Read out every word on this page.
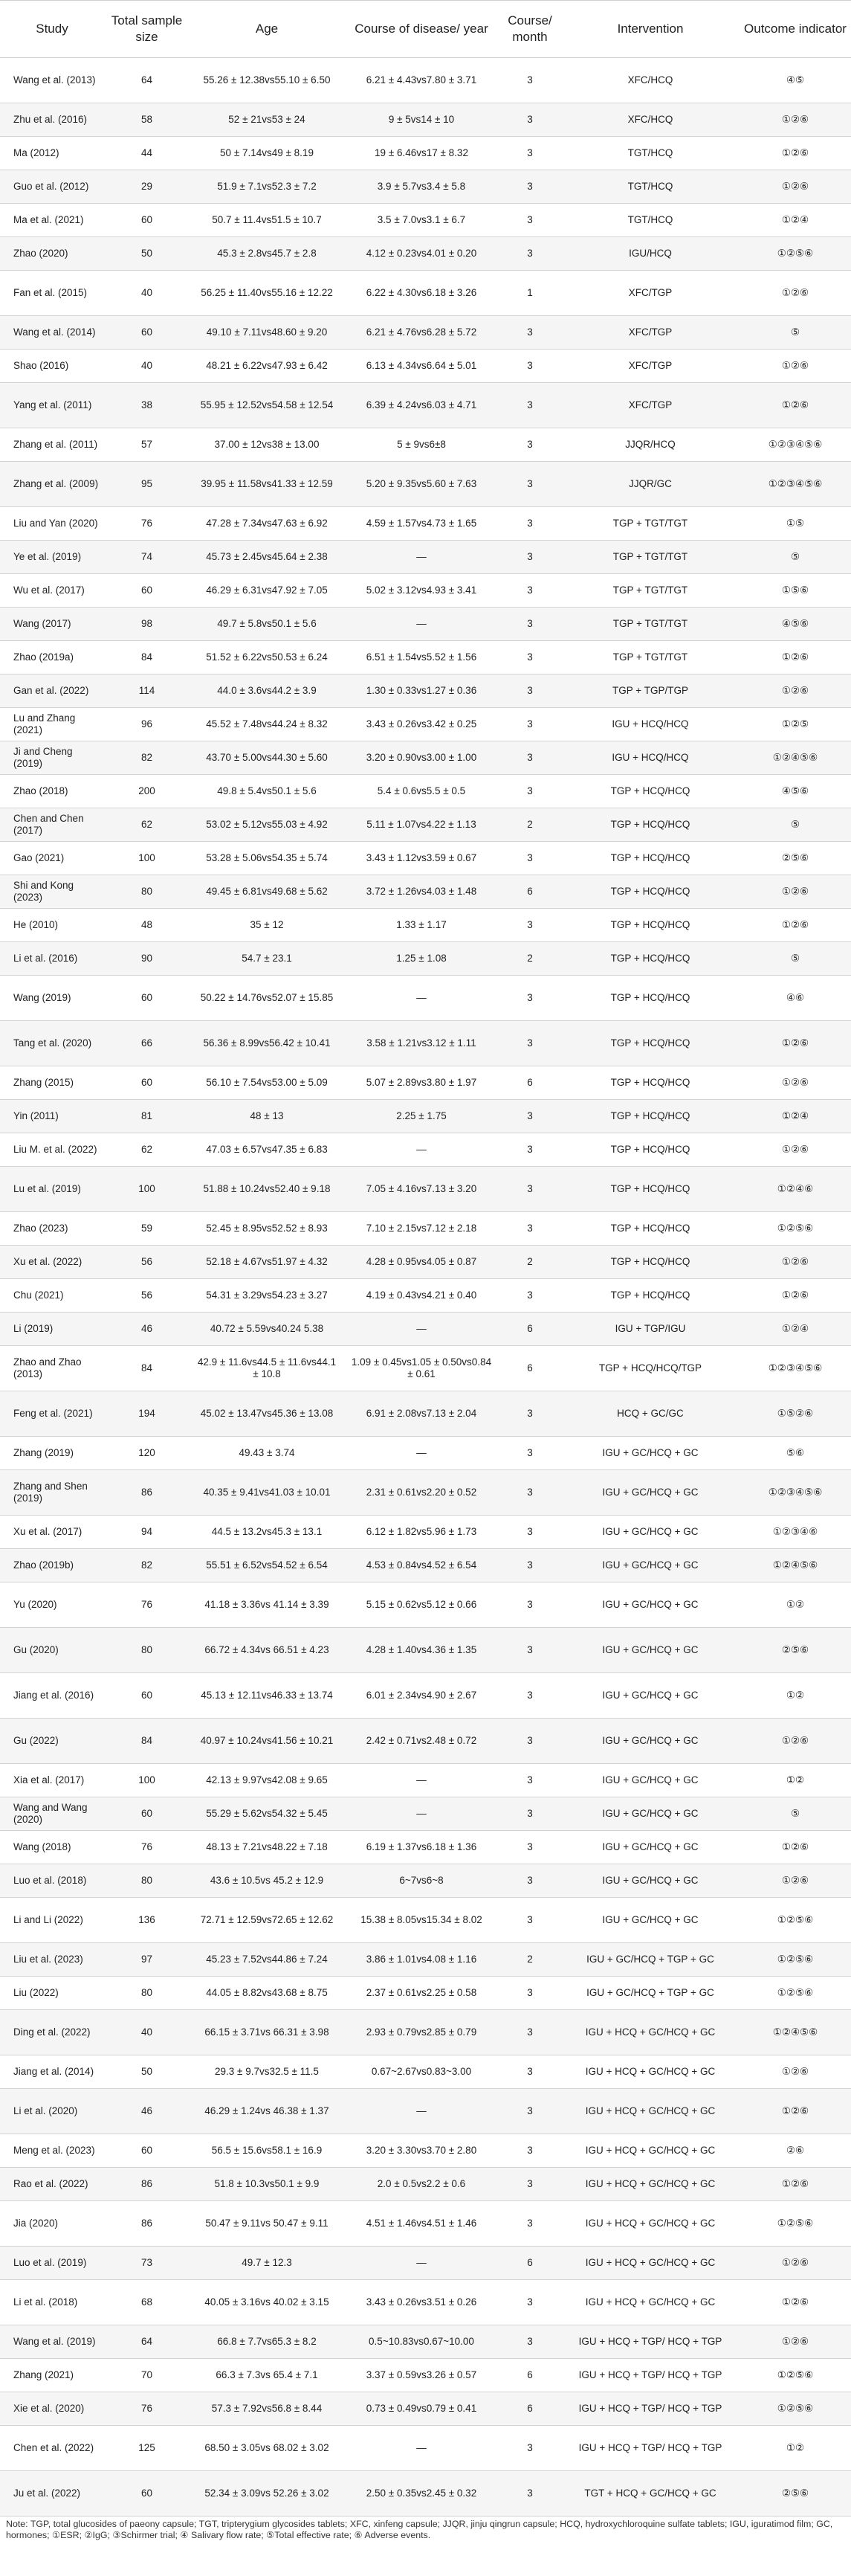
Study	Total sample size	Age	Course of disease/ year	Course/ month	Intervention	Outcome indicator
Wang et al. (2013)	64	55.26 ± 12.38vs55.10 ± 6.50	6.21 ± 4.43vs7.80 ± 3.71	3	XFC/HCQ	④⑤
Zhu et al. (2016)	58	52 ± 21vs53 ± 24	9 ± 5vs14 ± 10	3	XFC/HCQ	①②⑥
Ma (2012)	44	50 ± 7.14vs49 ± 8.19	19 ± 6.46vs17 ± 8.32	3	TGT/HCQ	①②⑥
Guo et al. (2012)	29	51.9 ± 7.1vs52.3 ± 7.2	3.9 ± 5.7vs3.4 ± 5.8	3	TGT/HCQ	①②⑥
Ma et al. (2021)	60	50.7 ± 11.4vs51.5 ± 10.7	3.5 ± 7.0vs3.1 ± 6.7	3	TGT/HCQ	①②④
Zhao (2020)	50	45.3 ± 2.8vs45.7 ± 2.8	4.12 ± 0.23vs4.01 ± 0.20	3	IGU/HCQ	①②⑤⑥
Fan et al. (2015)	40	56.25 ± 11.40vs55.16 ± 12.22	6.22 ± 4.30vs6.18 ± 3.26	1	XFC/TGP	①②⑥
Wang et al. (2014)	60	49.10 ± 7.11vs48.60 ± 9.20	6.21 ± 4.76vs6.28 ± 5.72	3	XFC/TGP	⑤
Shao (2016)	40	48.21 ± 6.22vs47.93 ± 6.42	6.13 ± 4.34vs6.64 ± 5.01	3	XFC/TGP	①②⑥
Yang et al. (2011)	38	55.95 ± 12.52vs54.58 ± 12.54	6.39 ± 4.24vs6.03 ± 4.71	3	XFC/TGP	①②⑥
Zhang et al. (2011)	57	37.00 ± 12vs38 ± 13.00	5 ± 9vs6±8	3	JJQR/HCQ	①②③④⑤⑥
Zhang et al. (2009)	95	39.95 ± 11.58vs41.33 ± 12.59	5.20 ± 9.35vs5.60 ± 7.63	3	JJQR/GC	①②③④⑤⑥
Liu and Yan (2020)	76	47.28 ± 7.34vs47.63 ± 6.92	4.59 ± 1.57vs4.73 ± 1.65	3	TGP + TGT/TGT	①⑤
Ye et al. (2019)	74	45.73 ± 2.45vs45.64 ± 2.38	—	3	TGP + TGT/TGT	⑤
Wu et al. (2017)	60	46.29 ± 6.31vs47.92 ± 7.05	5.02 ± 3.12vs4.93 ± 3.41	3	TGP + TGT/TGT	①⑤⑥
Wang (2017)	98	49.7 ± 5.8vs50.1 ± 5.6	—	3	TGP + TGT/TGT	④⑤⑥
Zhao (2019a)	84	51.52 ± 6.22vs50.53 ± 6.24	6.51 ± 1.54vs5.52 ± 1.56	3	TGP + TGT/TGT	①②⑥
Gan et al. (2022)	114	44.0 ± 3.6vs44.2 ± 3.9	1.30 ± 0.33vs1.27 ± 0.36	3	TGP + TGP/TGP	①②⑥
Lu and Zhang (2021)	96	45.52 ± 7.48vs44.24 ± 8.32	3.43 ± 0.26vs3.42 ± 0.25	3	IGU + HCQ/HCQ	①②⑤
Ji and Cheng (2019)	82	43.70 ± 5.00vs44.30 ± 5.60	3.20 ± 0.90vs3.00 ± 1.00	3	IGU + HCQ/HCQ	①②④⑤⑥
Zhao (2018)	200	49.8 ± 5.4vs50.1 ± 5.6	5.4 ± 0.6vs5.5 ± 0.5	3	TGP + HCQ/HCQ	④⑤⑥
Chen and Chen (2017)	62	53.02 ± 5.12vs55.03 ± 4.92	5.11 ± 1.07vs4.22 ± 1.13	2	TGP + HCQ/HCQ	⑤
Gao (2021)	100	53.28 ± 5.06vs54.35 ± 5.74	3.43 ± 1.12vs3.59 ± 0.67	3	TGP + HCQ/HCQ	②⑤⑥
Shi and Kong (2023)	80	49.45 ± 6.81vs49.68 ± 5.62	3.72 ± 1.26vs4.03 ± 1.48	6	TGP + HCQ/HCQ	①②⑥
He (2010)	48	35 ± 12	1.33 ± 1.17	3	TGP + HCQ/HCQ	①②⑥
Li et al. (2016)	90	54.7 ± 23.1	1.25 ± 1.08	2	TGP + HCQ/HCQ	⑤
Wang (2019)	60	50.22 ± 14.76vs52.07 ± 15.85	—	3	TGP + HCQ/HCQ	④⑥
Tang et al. (2020)	66	56.36 ± 8.99vs56.42 ± 10.41	3.58 ± 1.21vs3.12 ± 1.11	3	TGP + HCQ/HCQ	①②⑥
Zhang (2015)	60	56.10 ± 7.54vs53.00 ± 5.09	5.07 ± 2.89vs3.80 ± 1.97	6	TGP + HCQ/HCQ	①②⑥
Yin (2011)	81	48 ± 13	2.25 ± 1.75	3	TGP + HCQ/HCQ	①②④
Liu M. et al. (2022)	62	47.03 ± 6.57vs47.35 ± 6.83	—	3	TGP + HCQ/HCQ	①②⑥
Lu et al. (2019)	100	51.88 ± 10.24vs52.40 ± 9.18	7.05 ± 4.16vs7.13 ± 3.20	3	TGP + HCQ/HCQ	①②④⑥
Zhao (2023)	59	52.45 ± 8.95vs52.52 ± 8.93	7.10 ± 2.15vs7.12 ± 2.18	3	TGP + HCQ/HCQ	①②⑤⑥
Xu et al. (2022)	56	52.18 ± 4.67vs51.97 ± 4.32	4.28 ± 0.95vs4.05 ± 0.87	2	TGP + HCQ/HCQ	①②⑥
Chu (2021)	56	54.31 ± 3.29vs54.23 ± 3.27	4.19 ± 0.43vs4.21 ± 0.40	3	TGP + HCQ/HCQ	①②⑥
Li (2019)	46	40.72 ± 5.59vs40.24 5.38	—	6	IGU + TGP/IGU	①②④
Zhao and Zhao (2013)	84	42.9 ± 11.6vs44.5 ± 11.6vs44.1 ± 10.8	1.09 ± 0.45vs1.05 ± 0.50vs0.84 ± 0.61	6	TGP + HCQ/HCQ/TGP	①②③④⑤⑥
Feng et al. (2021)	194	45.02 ± 13.47vs45.36 ± 13.08	6.91 ± 2.08vs7.13 ± 2.04	3	HCQ + GC/GC	①⑤②⑥
Zhang (2019)	120	49.43 ± 3.74	—	3	IGU + GC/HCQ + GC	⑤⑥
Zhang and Shen (2019)	86	40.35 ± 9.41vs41.03 ± 10.01	2.31 ± 0.61vs2.20 ± 0.52	3	IGU + GC/HCQ + GC	①②③④⑤⑥
Xu et al. (2017)	94	44.5 ± 13.2vs45.3 ± 13.1	6.12 ± 1.82vs5.96 ± 1.73	3	IGU + GC/HCQ + GC	①②③④⑥
Zhao (2019b)	82	55.51 ± 6.52vs54.52 ± 6.54	4.53 ± 0.84vs4.52 ± 6.54	3	IGU + GC/HCQ + GC	①②④⑤⑥
Yu (2020)	76	41.18 ± 3.36vs 41.14 ± 3.39	5.15 ± 0.62vs5.12 ± 0.66	3	IGU + GC/HCQ + GC	①②
Gu (2020)	80	66.72 ± 4.34vs 66.51 ± 4.23	4.28 ± 1.40vs4.36 ± 1.35	3	IGU + GC/HCQ + GC	②⑤⑥
Jiang et al. (2016)	60	45.13 ± 12.11vs46.33 ± 13.74	6.01 ± 2.34vs4.90 ± 2.67	3	IGU + GC/HCQ + GC	①②
Gu (2022)	84	40.97 ± 10.24vs41.56 ± 10.21	2.42 ± 0.71vs2.48 ± 0.72	3	IGU + GC/HCQ + GC	①②⑥
Xia et al. (2017)	100	42.13 ± 9.97vs42.08 ± 9.65	—	3	IGU + GC/HCQ + GC	①②
Wang and Wang (2020)	60	55.29 ± 5.62vs54.32 ± 5.45	—	3	IGU + GC/HCQ + GC	⑤
Wang (2018)	76	48.13 ± 7.21vs48.22 ± 7.18	6.19 ± 1.37vs6.18 ± 1.36	3	IGU + GC/HCQ + GC	①②⑥
Luo et al. (2018)	80	43.6 ± 10.5vs 45.2 ± 12.9	6~7vs6~8	3	IGU + GC/HCQ + GC	①②⑥
Li and Li (2022)	136	72.71 ± 12.59vs72.65 ± 12.62	15.38 ± 8.05vs15.34 ± 8.02	3	IGU + GC/HCQ + GC	①②⑤⑥
Liu et al. (2023)	97	45.23 ± 7.52vs44.86 ± 7.24	3.86 ± 1.01vs4.08 ± 1.16	2	IGU + GC/HCQ + TGP + GC	①②⑤⑥
Liu (2022)	80	44.05 ± 8.82vs43.68 ± 8.75	2.37 ± 0.61vs2.25 ± 0.58	3	IGU + GC/HCQ + TGP + GC	①②⑤⑥
Ding et al. (2022)	40	66.15 ± 3.71vs 66.31 ± 3.98	2.93 ± 0.79vs2.85 ± 0.79	3	IGU + HCQ + GC/HCQ + GC	①②④⑤⑥
Jiang et al. (2014)	50	29.3 ± 9.7vs32.5 ± 11.5	0.67~2.67vs0.83~3.00	3	IGU + HCQ + GC/HCQ + GC	①②⑥
Li et al. (2020)	46	46.29 ± 1.24vs 46.38 ± 1.37	—	3	IGU + HCQ + GC/HCQ + GC	①②⑥
Meng et al. (2023)	60	56.5 ± 15.6vs58.1 ± 16.9	3.20 ± 3.30vs3.70 ± 2.80	3	IGU + HCQ + GC/HCQ + GC	②⑥
Rao et al. (2022)	86	51.8 ± 10.3vs50.1 ± 9.9	2.0 ± 0.5vs2.2 ± 0.6	3	IGU + HCQ + GC/HCQ + GC	①②⑥
Jia (2020)	86	50.47 ± 9.11vs 50.47 ± 9.11	4.51 ± 1.46vs4.51 ± 1.46	3	IGU + HCQ + GC/HCQ + GC	①②⑤⑥
Luo et al. (2019)	73	49.7 ± 12.3	—	6	IGU + HCQ + GC/HCQ + GC	①②⑥
Li et al. (2018)	68	40.05 ± 3.16vs 40.02 ± 3.15	3.43 ± 0.26vs3.51 ± 0.26	3	IGU + HCQ + GC/HCQ + GC	①②⑥
Wang et al. (2019)	64	66.8 ± 7.7vs65.3 ± 8.2	0.5~10.83vs0.67~10.00	3	IGU + HCQ + TGP/ HCQ + TGP	①②⑥
Zhang (2021)	70	66.3 ± 7.3vs 65.4 ± 7.1	3.37 ± 0.59vs3.26 ± 0.57	6	IGU + HCQ + TGP/ HCQ + TGP	①②⑤⑥
Xie et al. (2020)	76	57.3 ± 7.92vs56.8 ± 8.44	0.73 ± 0.49vs0.79 ± 0.41	6	IGU + HCQ + TGP/ HCQ + TGP	①②⑤⑥
Chen et al. (2022)	125	68.50 ± 3.05vs 68.02 ± 3.02	—	3	IGU + HCQ + TGP/ HCQ + TGP	①②
Ju et al. (2022)	60	52.34 ± 3.09vs 52.26 ± 3.02	2.50 ± 0.35vs2.45 ± 0.32	3	TGT + HCQ + GC/HCQ + GC	②⑤⑥

Note: TGP, total glucosides of paeony capsule; TGT, tripterygium glycosides tablets; XFC, xinfeng capsule; JJQR, jinju qingrun capsule; HCQ, hydroxychloroquine sulfate tablets; IGU, iguratimod film; GC, hormones; ①ESR; ②IgG; ③Schirmer trial; ④ Salivary flow rate; ⑤Total effective rate; ⑥ Adverse events.
